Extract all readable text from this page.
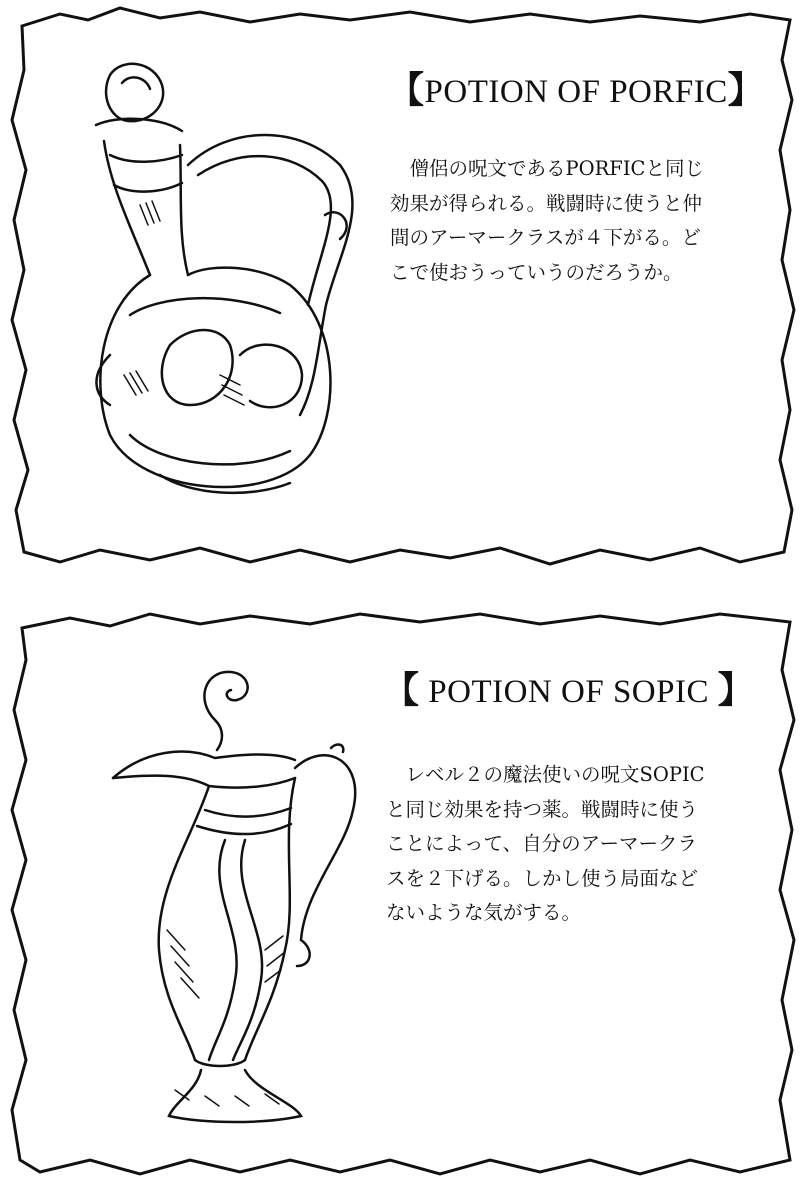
【POTION OF PORFIC】
　僧侶の呪文であるPORFICと同じ
効果が得られる。戦闘時に使うと仲
間のアーマークラスが４下がる。ど
こで使おうっていうのだろうか。
【 POTION OF SOPIC 】
　レベル２の魔法使いの呪文SOPIC
と同じ効果を持つ薬。戦闘時に使う
ことによって、自分のアーマークラ
スを２下げる。しかし使う局面など
ないような気がする。
